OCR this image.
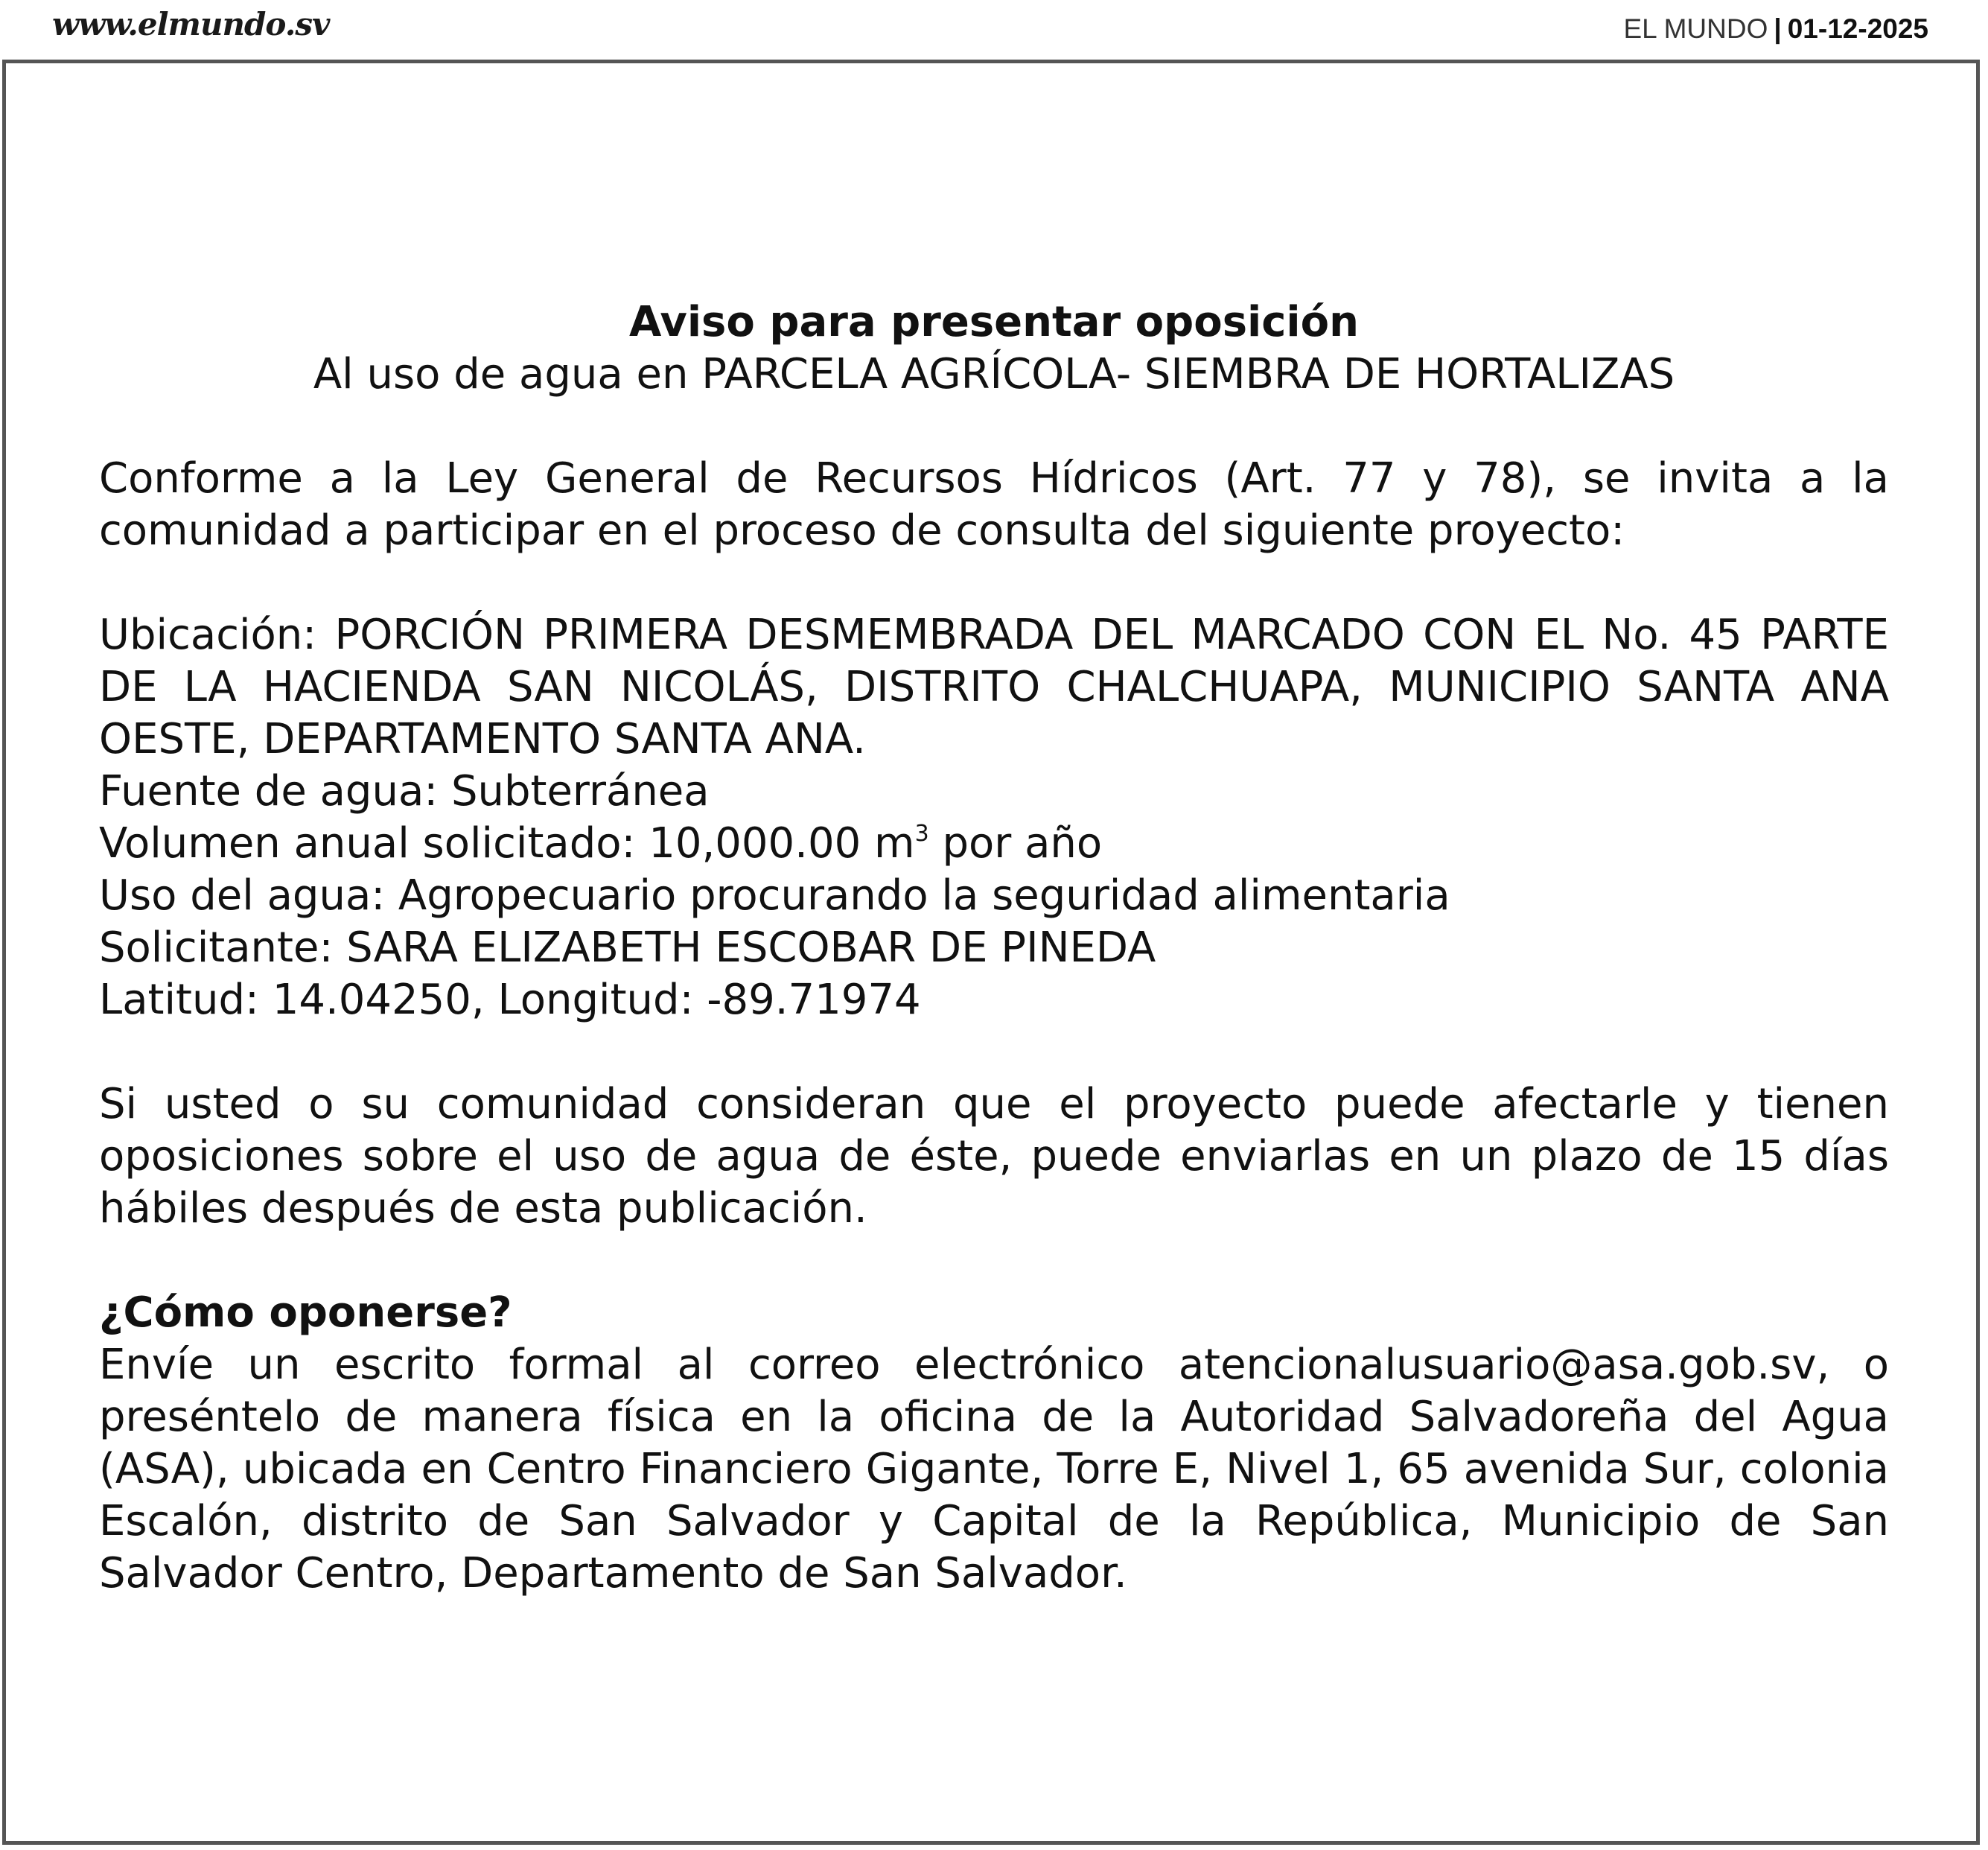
www.elmundo.sv	EL MUNDO | 01-12-2025
Aviso para presentar oposición
Al uso de agua en PARCELA AGRÍCOLA- SIEMBRA DE HORTALIZAS
Conforme a la Ley General de Recursos Hídricos (Art. 77 y 78), se invita a la comunidad a participar en el proceso de consulta del siguiente proyecto:
Ubicación: PORCIÓN PRIMERA DESMEMBRADA DEL MARCADO CON EL No. 45 PARTE DE LA HACIENDA SAN NICOLÁS, DISTRITO CHALCHUAPA, MUNICIPIO SANTA ANA OESTE, DEPARTAMENTO SANTA ANA.
Fuente de agua: Subterránea
Volumen anual solicitado: 10,000.00 $m^3$ por año
Uso del agua: Agropecuario procurando la seguridad alimentaria
Solicitante: SARA ELIZABETH ESCOBAR DE PINEDA
Latitud: 14.04250, Longitud: -89.71974
Si usted o su comunidad consideran que el proyecto puede afectarle y tienen oposiciones sobre el uso de agua de éste, puede enviarlas en un plazo de 15 días hábiles después de esta publicación.
¿Cómo oponerse?
Envíe un escrito formal al correo electrónico atencionalusuario@asa.gob.sv, o preséntelo de manera física en la oficina de la Autoridad Salvadoreña del Agua (ASA), ubicada en Centro Financiero Gigante, Torre E, Nivel 1, 65 avenida Sur, colonia Escalón, distrito de San Salvador y Capital de la República, Municipio de San Salvador Centro, Departamento de San Salvador.
